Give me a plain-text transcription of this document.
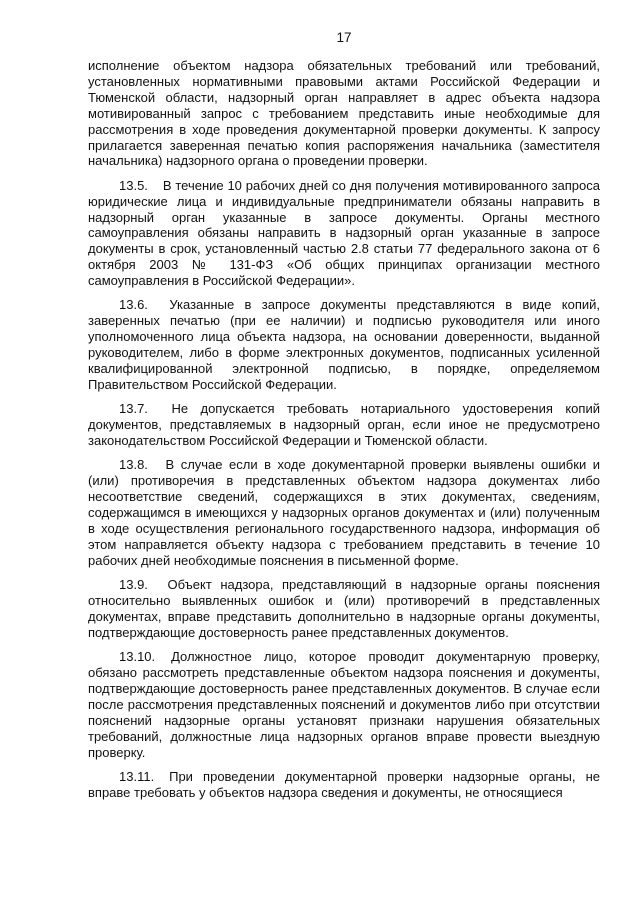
17

исполнение объектом надзора обязательных требований или требований, установленных нормативными правовыми актами Российской Федерации и Тюменской области, надзорный орган направляет в адрес объекта надзора мотивированный запрос с требованием представить иные необходимые для рассмотрения в ходе проведения документарной проверки документы. К запросу прилагается заверенная печатью копия распоряжения начальника (заместителя начальника) надзорного органа о проведении проверки.

13.5. В течение 10 рабочих дней со дня получения мотивированного запроса юридические лица и индивидуальные предприниматели обязаны направить в надзорный орган указанные в запросе документы. Органы местного самоуправления обязаны направить в надзорный орган указанные в запросе документы в срок, установленный частью 2.8 статьи 77 федерального закона от 6 октября 2003 № 131-ФЗ «Об общих принципах организации местного самоуправления в Российской Федерации».

13.6. Указанные в запросе документы представляются в виде копий, заверенных печатью (при ее наличии) и подписью руководителя или иного уполномоченного лица объекта надзора, на основании доверенности, выданной руководителем, либо в форме электронных документов, подписанных усиленной квалифицированной электронной подписью, в порядке, определяемом Правительством Российской Федерации.

13.7. Не допускается требовать нотариального удостоверения копий документов, представляемых в надзорный орган, если иное не предусмотрено законодательством Российской Федерации и Тюменской области.

13.8. В случае если в ходе документарной проверки выявлены ошибки и (или) противоречия в представленных объектом надзора документах либо несоответствие сведений, содержащихся в этих документах, сведениям, содержащимся в имеющихся у надзорных органов документах и (или) полученным в ходе осуществления регионального государственного надзора, информация об этом направляется объекту надзора с требованием представить в течение 10 рабочих дней необходимые пояснения в письменной форме.

13.9. Объект надзора, представляющий в надзорные органы пояснения относительно выявленных ошибок и (или) противоречий в представленных документах, вправе представить дополнительно в надзорные органы документы, подтверждающие достоверность ранее представленных документов.

13.10. Должностное лицо, которое проводит документарную проверку, обязано рассмотреть представленные объектом надзора пояснения и документы, подтверждающие достоверность ранее представленных документов. В случае если после рассмотрения представленных пояснений и документов либо при отсутствии пояснений надзорные органы установят признаки нарушения обязательных требований, должностные лица надзорных органов вправе провести выездную проверку.

13.11. При проведении документарной проверки надзорные органы, не вправе требовать у объектов надзора сведения и документы, не относящиеся
